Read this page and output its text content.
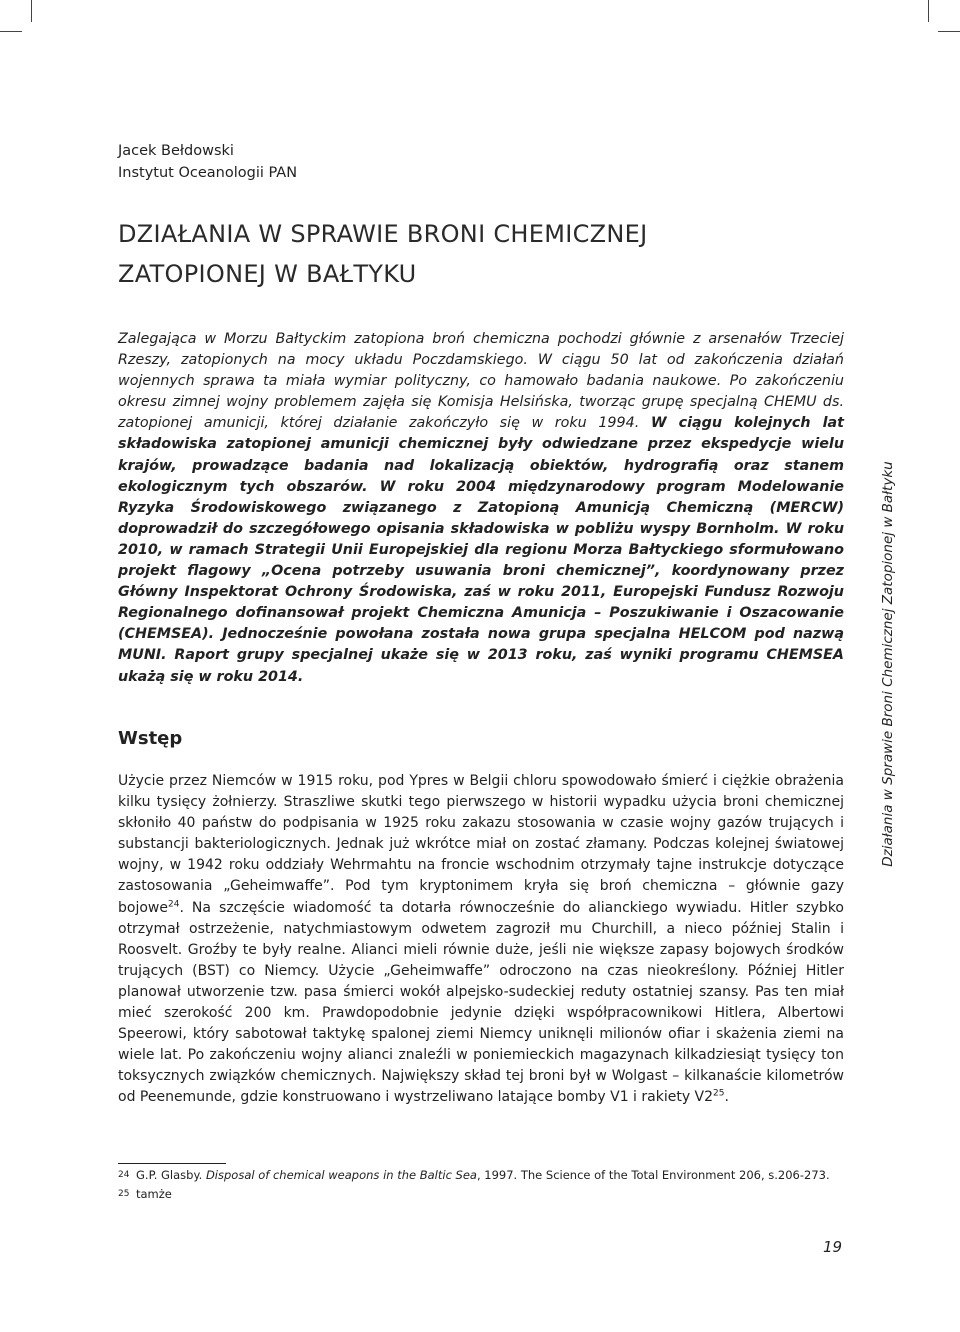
Jacek Bełdowski
Instytut Oceanologii PAN
DZIAŁANIA W SPRAWIE BRONI CHEMICZNEJ
ZATOPIONEJ W BAŁTYKU

Zalegająca w Morzu Bałtyckim zatopiona broń chemiczna pochodzi głównie z arsenałów Trzeciej Rzeszy, zatopionych na mocy układu Poczdamskiego. W ciągu 50 lat od zakończenia działań wojennych sprawa ta miała wymiar polityczny, co hamowało badania naukowe. Po zakończeniu okresu zimnej wojny problemem zajęła się Komisja Helsińska, tworząc grupę specjalną CHEMU ds. zatopionej amunicji, której działanie zakończyło się w roku 1994. W ciągu kolejnych lat składowiska zatopionej amunicji chemicznej były odwiedzane przez ekspedycje wielu krajów, prowadzące badania nad lokalizacją obiektów, hydrografią oraz stanem ekologicznym tych obszarów. W roku 2004 międzynarodowy program Modelowanie Ryzyka Środowiskowego związanego z Zatopioną Amunicją Chemiczną (MERCW) doprowadził do szczegółowego opisania składowiska w pobliżu wyspy Bornholm. W roku 2010, w ramach Strategii Unii Europejskiej dla regionu Morza Bałtyckiego sformułowano projekt flagowy „Ocena potrzeby usuwania broni chemicznej”, koordynowany przez Główny Inspektorat Ochrony Środowiska, zaś w roku 2011, Europejski Fundusz Rozwoju Regionalnego dofinansował projekt Chemiczna Amunicja – Poszukiwanie i Oszacowanie (CHEMSEA). Jednocześnie powołana została nowa grupa specjalna HELCOM pod nazwą MUNI. Raport grupy specjalnej ukaże się w 2013 roku, zaś wyniki programu CHEMSEA ukażą się w roku 2014.

Wstęp

Użycie przez Niemców w 1915 roku, pod Ypres w Belgii chloru spowodowało śmierć i ciężkie obrażenia kilku tysięcy żołnierzy. Straszliwe skutki tego pierwszego w historii wypadku użycia broni chemicznej skłoniło 40 państw do podpisania w 1925 roku zakazu stosowania w czasie wojny gazów trujących i substancji bakteriologicznych. Jednak już wkrótce miał on zostać złamany. Podczas kolejnej światowej wojny, w 1942 roku oddziały Wehrmahtu na froncie wschodnim otrzymały tajne instrukcje dotyczące zastosowania „Geheimwaffe”. Pod tym kryptonimem kryła się broń chemiczna – głównie gazy bojowe$^{24}$. Na szczęście wiadomość ta dotarła równocześnie do alianckiego wywiadu. Hitler szybko otrzymał ostrzeżenie, natychmiastowym odwetem zagroził mu Churchill, a nieco później Stalin i Roosvelt. Groźby te były realne. Alianci mieli równie duże, jeśli nie większe zapasy bojowych środków trujących (BST) co Niemcy. Użycie „Geheimwaffe” odroczono na czas nieokreślony. Później Hitler planował utworzenie tzw. pasa śmierci wokół alpejsko-sudeckiej reduty ostatniej szansy. Pas ten miał mieć szerokość 200 km. Prawdopodobnie jedynie dzięki współpracownikowi Hitlera, Albertowi Speerowi, który sabotował taktykę spalonej ziemi Niemcy uniknęli milionów ofiar i skażenia ziemi na wiele lat. Po zakończeniu wojny alianci znaleźli w poniemieckich magazynach kilkadziesiąt tysięcy ton toksycznych związków chemicznych. Największy skład tej broni był w Wolgast – kilkanaście kilometrów od Peenemunde, gdzie konstruowano i wystrzeliwano latające bomby V1 i rakiety $V2^{25}$.

24 G.P. Glasby. Disposal of chemical weapons in the Baltic Sea, 1997. The Science of the Total Environment 206, s.206-273.
25 tamże
Działania w Sprawie Broni Chemicznej Zatopionej w Bałtyku
19
